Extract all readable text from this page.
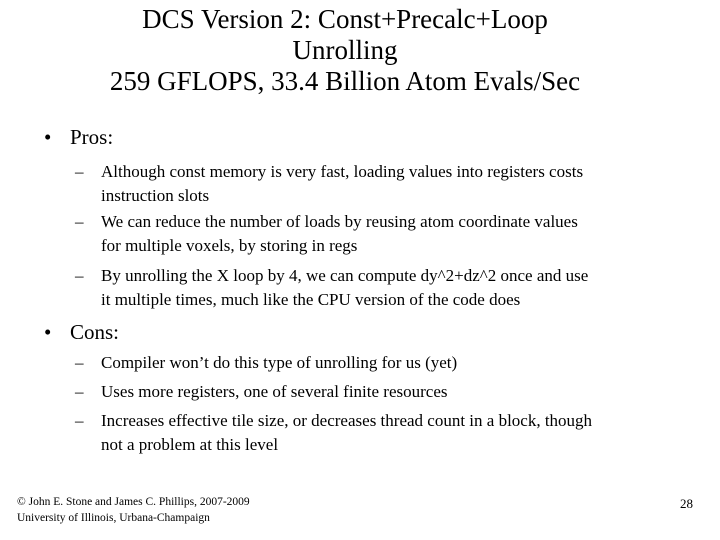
DCS Version 2: Const+Precalc+Loop
Unrolling
259 GFLOPS, 33.4 Billion Atom Evals/Sec
• Pros:
– Although const memory is very fast, loading values into registers costs
instruction slots
– We can reduce the number of loads by reusing atom coordinate values
for multiple voxels, by storing in regs
– By unrolling the X loop by 4, we can compute dy^2+dz^2 once and use
it multiple times, much like the CPU version of the code does
• Cons:
– Compiler won’t do this type of unrolling for us (yet)
– Uses more registers, one of several finite resources
– Increases effective tile size, or decreases thread count in a block, though
not a problem at this level
© John E. Stone and James C. Phillips, 2007-2009
University of Illinois, Urbana-Champaign
28
